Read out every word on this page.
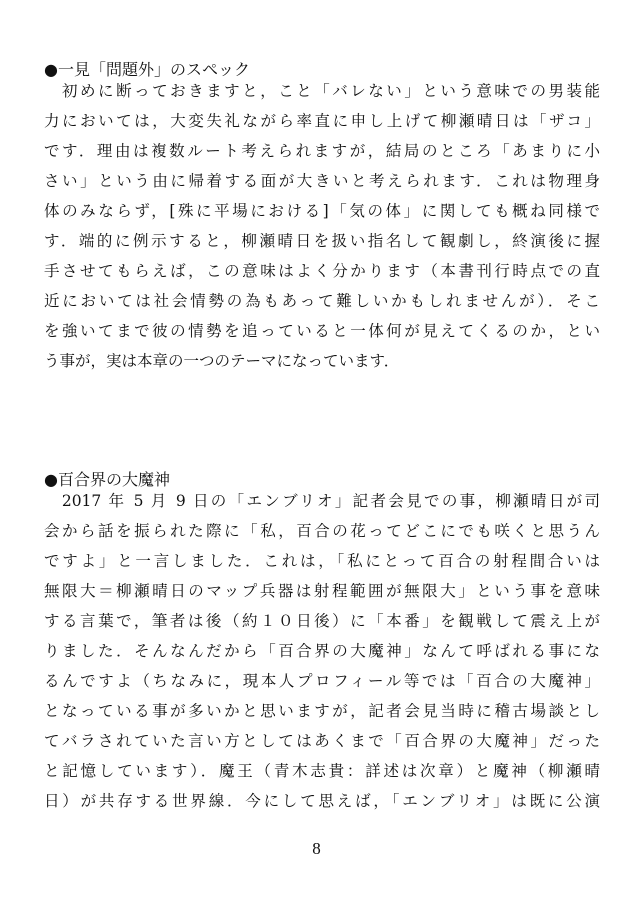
●一見「問題外」のスペック
　初めに断っておきますと，こと「バレない」という意味での男装能
力においては，大変失礼ながら率直に申し上げて柳瀬晴日は「ザコ」
です．理由は複数ルート考えられますが，結局のところ「あまりに小
さい」という由に帰着する面が大きいと考えられます．これは物理身
体のみならず，[殊に平場における]「気の体」に関しても概ね同様で
す．端的に例示すると，柳瀬晴日を扱い指名して観劇し，終演後に握
手させてもらえば，この意味はよく分かります（本書刊行時点での直
近においては社会情勢の為もあって難しいかもしれませんが）．そこ
を強いてまで彼の情勢を追っていると一体何が見えてくるのか，とい
う事が，実は本章の一つのテーマになっています．
●百合界の大魔神
　2017 年 5 月 9 日の「エンブリオ」記者会見での事，柳瀬晴日が司
会から話を振られた際に「私，百合の花ってどこにでも咲くと思うん
ですよ」と一言しました．これは，「私にとって百合の射程間合いは
無限大＝柳瀬晴日のマップ兵器は射程範囲が無限大」という事を意味
する言葉で，筆者は後（約１０日後）に「本番」を観戦して震え上が
りました．そんなんだから「百合界の大魔神」なんて呼ばれる事にな
るんですよ（ちなみに，現本人プロフィール等では「百合の大魔神」
となっている事が多いかと思いますが，記者会見当時に稽古場談とし
てバラされていた言い方としてはあくまで「百合界の大魔神」だった
と記憶しています）．魔王（青木志貴：詳述は次章）と魔神（柳瀬晴
日）が共存する世界線．今にして思えば，「エンブリオ」は既に公演
8
